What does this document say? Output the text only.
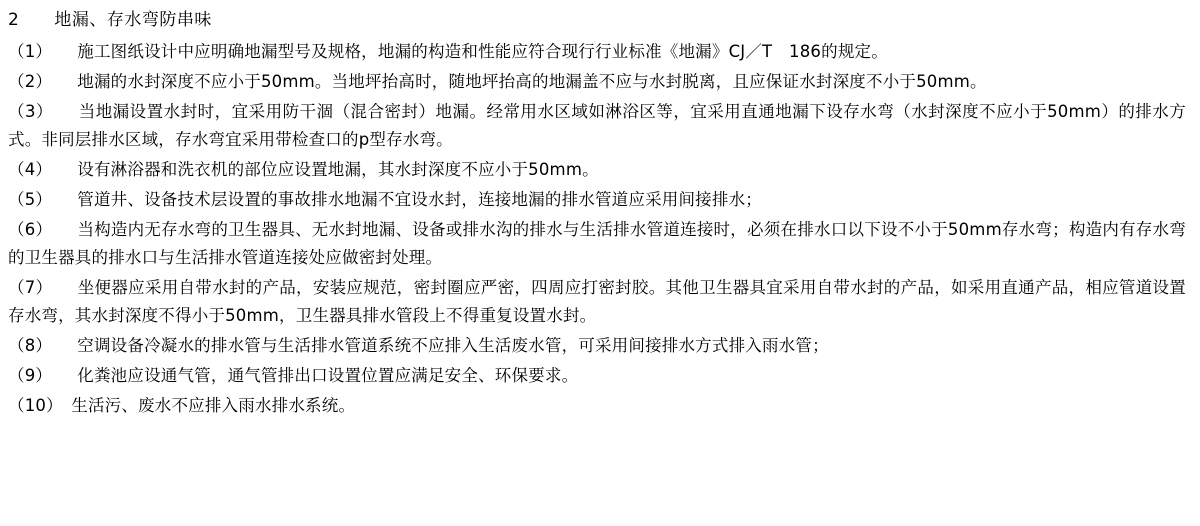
2　　地漏、存水弯防串味

（1）　　 施工图纸设计中应明确地漏型号及规格，地漏的构造和性能应符合现行行业标准《地漏》CJ／T　186的规定。

（2）　　 地漏的水封深度不应小于50mm。当地坪抬高时，随地坪抬高的地漏盖不应与水封脱离，且应保证水封深度不小于50mm。

（3）　　 当地漏设置水封时，宜采用防干涸（混合密封）地漏。经常用水区域如淋浴区等，宜采用直通地漏下设存水弯（水封深度不应小于50mm）的排水方式。非同层排水区域，存水弯宜采用带检查口的p型存水弯。

（4）　　 设有淋浴器和洗衣机的部位应设置地漏，其水封深度不应小于50mm。

（5）　　 管道井、设备技术层设置的事故排水地漏不宜设水封，连接地漏的排水管道应采用间接排水；

（6）　　 当构造内无存水弯的卫生器具、无水封地漏、设备或排水沟的排水与生活排水管道连接时，必须在排水口以下设不小于50mm存水弯；构造内有存水弯的卫生器具的排水口与生活排水管道连接处应做密封处理。

（7）　　 坐便器应采用自带水封的产品，安装应规范，密封圈应严密，四周应打密封胶。其他卫生器具宜采用自带水封的产品，如采用直通产品，相应管道设置存水弯，其水封深度不得小于50mm，卫生器具排水管段上不得重复设置水封。

（8）　　 空调设备冷凝水的排水管与生活排水管道系统不应排入生活废水管，可采用间接排水方式排入雨水管；

（9）　　 化粪池应设通气管，通气管排出口设置位置应满足安全、环保要求。

（10）　 生活污、废水不应排入雨水排水系统。
